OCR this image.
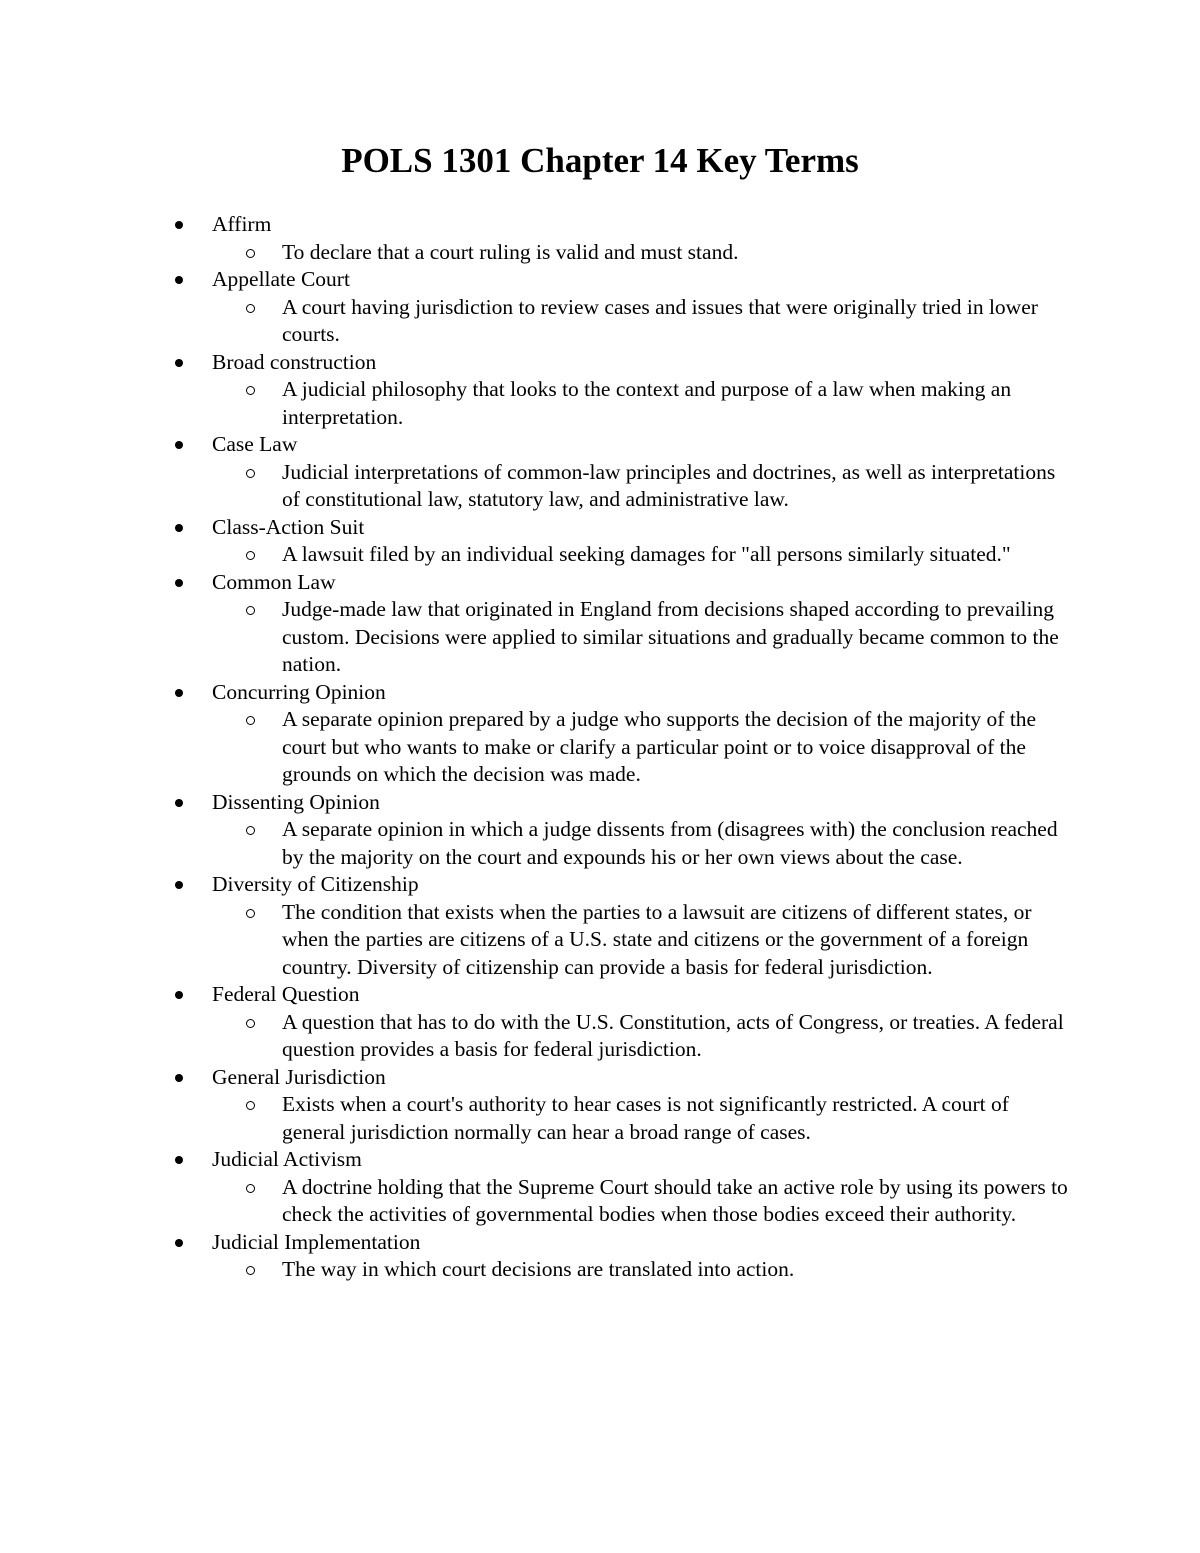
POLS 1301 Chapter 14 Key Terms
Affirm
To declare that a court ruling is valid and must stand.
Appellate Court
A court having jurisdiction to review cases and issues that were originally tried in lower courts.
Broad construction
A judicial philosophy that looks to the context and purpose of a law when making an interpretation.
Case Law
Judicial interpretations of common-law principles and doctrines, as well as interpretations of constitutional law, statutory law, and administrative law.
Class-Action Suit
A lawsuit filed by an individual seeking damages for "all persons similarly situated."
Common Law
Judge-made law that originated in England from decisions shaped according to prevailing custom. Decisions were applied to similar situations and gradually became common to the nation.
Concurring Opinion
A separate opinion prepared by a judge who supports the decision of the majority of the court but who wants to make or clarify a particular point or to voice disapproval of the grounds on which the decision was made.
Dissenting Opinion
A separate opinion in which a judge dissents from (disagrees with) the conclusion reached by the majority on the court and expounds his or her own views about the case.
Diversity of Citizenship
The condition that exists when the parties to a lawsuit are citizens of different states, or when the parties are citizens of a U.S. state and citizens or the government of a foreign country. Diversity of citizenship can provide a basis for federal jurisdiction.
Federal Question
A question that has to do with the U.S. Constitution, acts of Congress, or treaties. A federal question provides a basis for federal jurisdiction.
General Jurisdiction
Exists when a court's authority to hear cases is not significantly restricted. A court of general jurisdiction normally can hear a broad range of cases.
Judicial Activism
A doctrine holding that the Supreme Court should take an active role by using its powers to check the activities of governmental bodies when those bodies exceed their authority.
Judicial Implementation
The way in which court decisions are translated into action.
